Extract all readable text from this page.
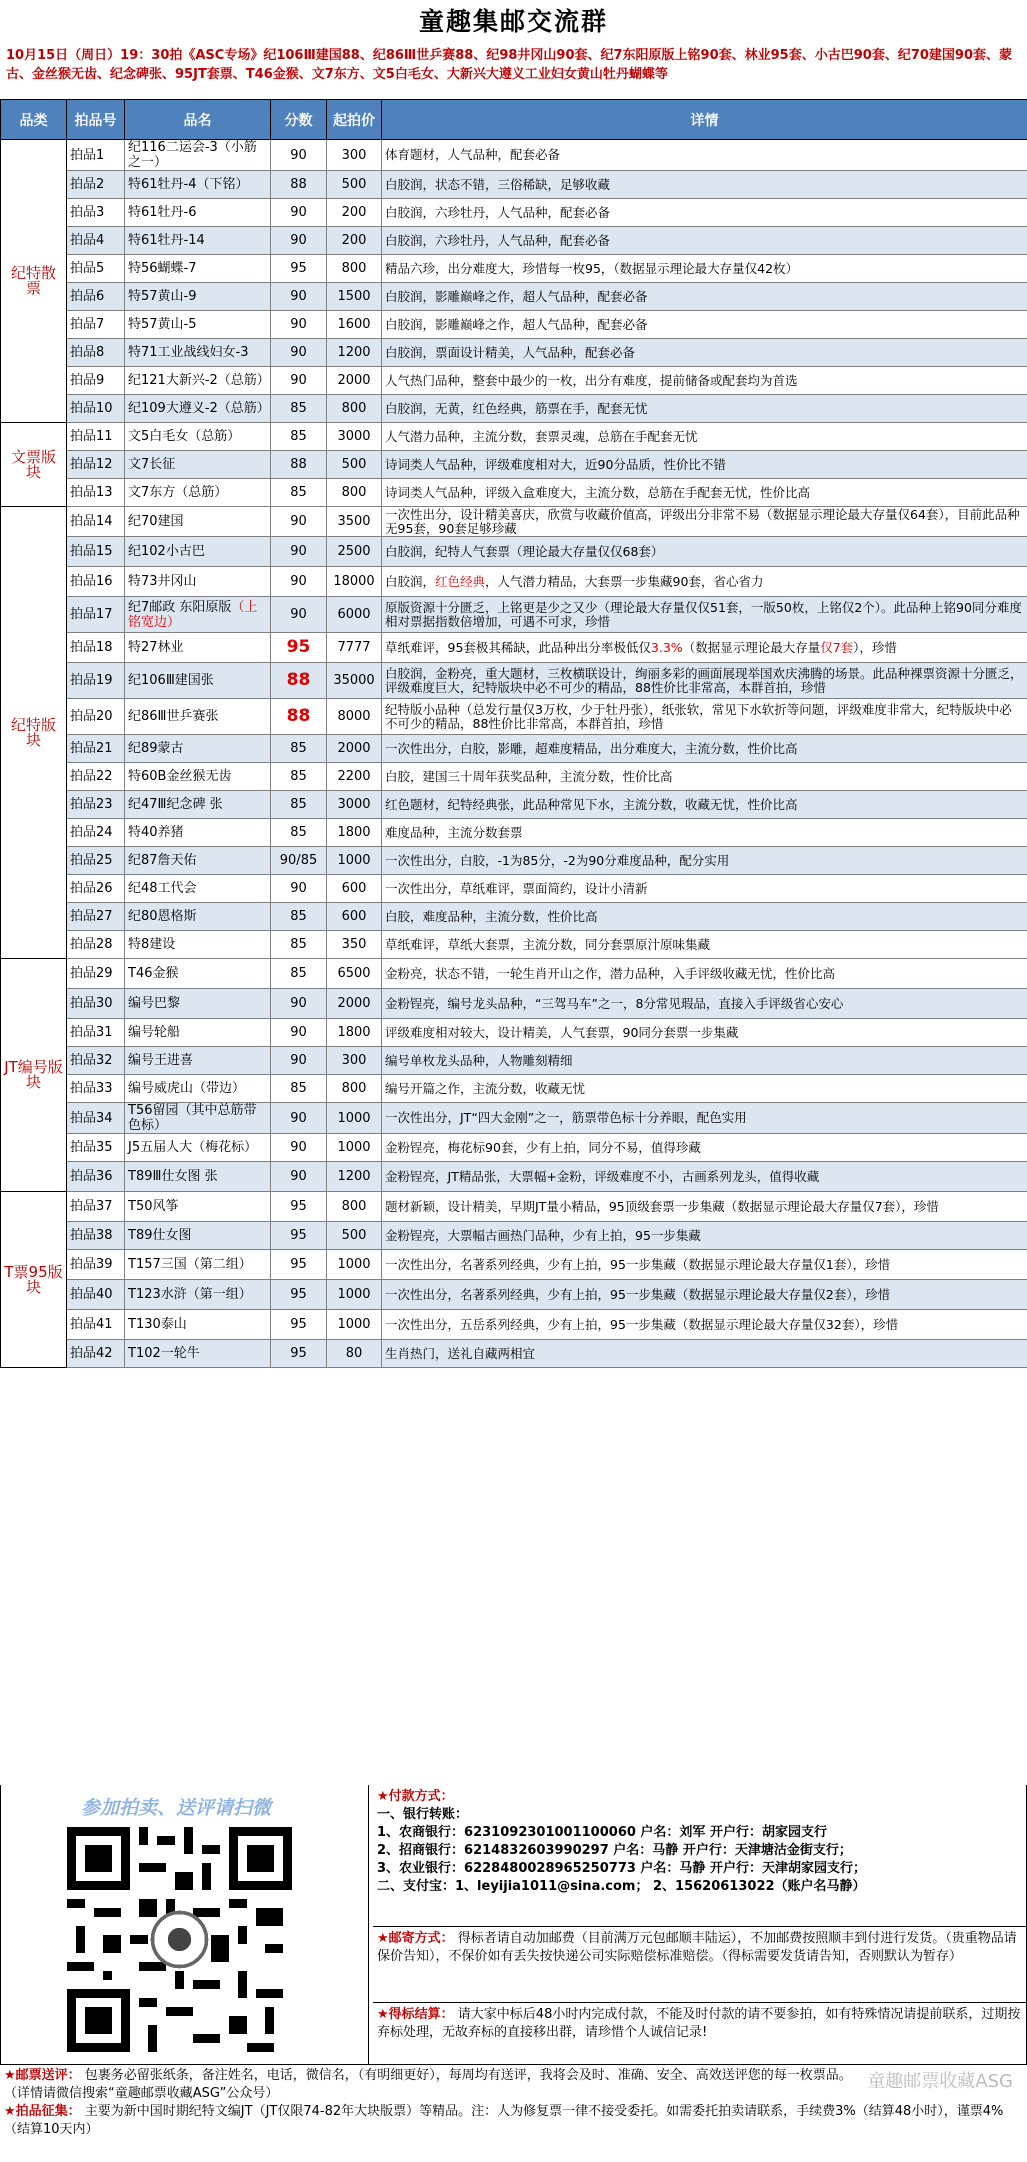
童趣集邮交流群
10月15日（周日）19：30拍《ASC专场》纪106Ⅲ建国88、纪86Ⅲ世乒赛88、纪98井冈山90套、纪7东阳原版上铭90套、林业95套、小古巴90套、纪70建国90套、蒙古、金丝猴无齿、纪念碑张、95JT套票、T46金猴、文7东方、文5白毛女、大新兴大遵义工业妇女黄山牡丹蝴蝶等
品类	拍品号	品名	分数	起拍价	详情
纪特散票	拍品1	纪116二运会-3（小筋之一）	90	300	体育题材，人气品种，配套必备
	拍品2	特61牡丹-4（下铭）	88	500	白胶润，状态不错，三俗稀缺，足够收藏
	拍品3	特61牡丹-6	90	200	白胶润，六珍牡丹，人气品种，配套必备
	拍品4	特61牡丹-14	90	200	白胶润，六珍牡丹，人气品种，配套必备
	拍品5	特56蝴蝶-7	95	800	精品六珍，出分难度大，珍惜每一枚95，（数据显示理论最大存量仅42枚）
	拍品6	特57黄山-9	90	1500	白胶润，影雕巅峰之作，超人气品种，配套必备
	拍品7	特57黄山-5	90	1600	白胶润，影雕巅峰之作，超人气品种，配套必备
	拍品8	特71工业战线妇女-3	90	1200	白胶润，票面设计精美，人气品种，配套必备
	拍品9	纪121大新兴-2（总筋）	90	2000	人气热门品种，整套中最少的一枚，出分有难度，提前储备或配套均为首选
	拍品10	纪109大遵义-2（总筋）	85	800	白胶润，无黄，红色经典，筋票在手，配套无忧
文票版块	拍品11	文5白毛女（总筋）	85	3000	人气潜力品种，主流分数，套票灵魂，总筋在手配套无忧
	拍品12	文7长征	88	500	诗词类人气品种，评级难度相对大，近90分品质，性价比不错
	拍品13	文7东方（总筋）	85	800	诗词类人气品种，评级入盒难度大，主流分数，总筋在手配套无忧，性价比高
纪特版块	拍品14	纪70建国	90	3500	一次性出分，设计精美喜庆，欣赏与收藏价值高，评级出分非常不易（数据显示理论最大存量仅64套），目前此品种无95套，90套足够珍藏
	拍品15	纪102小古巴	90	2500	白胶润，纪特人气套票（理论最大存量仅仅68套）
	拍品16	特73井冈山	90	18000	白胶润，红色经典，人气潜力精品，大套票一步集藏90套，省心省力
	拍品17	纪7邮政 东阳原版（上铭宽边）	90	6000	原版资源十分匮乏，上铭更是少之又少（理论最大存量仅仅51套，一版50枚，上铭仅2个）。此品种上铭90同分难度相对票据指数倍增加，可遇不可求，珍惜
	拍品18	特27林业	95	7777	草纸难评，95套极其稀缺，此品种出分率极低仅3.3%（数据显示理论最大存量仅7套），珍惜
	拍品19	纪106Ⅲ建国张	88	35000	白胶润，金粉亮，重大题材，三枚横联设计，绚丽多彩的画面展现举国欢庆沸腾的场景。此品种裸票资源十分匮乏，评级难度巨大，纪特版块中必不可少的精品，88性价比非常高，本群首拍，珍惜
	拍品20	纪86Ⅲ世乒赛张	88	8000	纪特版小品种（总发行量仅3万枚，少于牡丹张），纸张软，常见下水软折等问题，评级难度非常大，纪特版块中必不可少的精品，88性价比非常高，本群首拍，珍惜
	拍品21	纪89蒙古	85	2000	一次性出分，白胶，影雕，超难度精品，出分难度大，主流分数，性价比高
	拍品22	特60B金丝猴无齿	85	2200	白胶，建国三十周年获奖品种，主流分数，性价比高
	拍品23	纪47Ⅲ纪念碑 张	85	3000	红色题材，纪特经典张，此品种常见下水，主流分数，收藏无忧，性价比高
	拍品24	特40养猪	85	1800	难度品种，主流分数套票
	拍品25	纪87詹天佑	90/85	1000	一次性出分，白胶，-1为85分，-2为90分难度品种，配分实用
	拍品26	纪48工代会	90	600	一次性出分，草纸难评，票面简约，设计小清新
	拍品27	纪80恩格斯	85	600	白胶，难度品种，主流分数，性价比高
	拍品28	特8建设	85	350	草纸难评，草纸大套票，主流分数，同分套票原汁原味集藏
JT编号版块	拍品29	T46金猴	85	6500	金粉亮，状态不错，一轮生肖开山之作，潜力品种，入手评级收藏无忧，性价比高
	拍品30	编号巴黎	90	2000	金粉锃亮，编号龙头品种，“三驾马车”之一，8分常见瑕品，直接入手评级省心安心
	拍品31	编号轮船	90	1800	评级难度相对较大，设计精美，人气套票，90同分套票一步集藏
	拍品32	编号王进喜	90	300	编号单枚龙头品种，人物雕刻精细
	拍品33	编号威虎山（带边）	85	800	编号开篇之作，主流分数，收藏无忧
	拍品34	T56留园（其中总筋带色标）	90	1000	一次性出分，JT“四大金刚”之一，筋票带色标十分养眼，配色实用
	拍品35	J5五届人大（梅花标）	90	1000	金粉锃亮，梅花标90套，少有上拍，同分不易，值得珍藏
	拍品36	T89Ⅲ仕女图 张	90	1200	金粉锃亮，JT精品张，大票幅+金粉，评级难度不小，古画系列龙头，值得收藏
T票95版块	拍品37	T50风筝	95	800	题材新颖，设计精美，早期JT量小精品，95顶级套票一步集藏（数据显示理论最大存量仅7套），珍惜
	拍品38	T89仕女图	95	500	金粉锃亮，大票幅古画热门品种，少有上拍，95一步集藏
	拍品39	T157三国（第二组）	95	1000	一次性出分，名著系列经典，少有上拍，95一步集藏（数据显示理论最大存量仅1套），珍惜
	拍品40	T123水浒（第一组）	95	1000	一次性出分，名著系列经典，少有上拍，95一步集藏（数据显示理论最大存量仅2套），珍惜
	拍品41	T130泰山	95	1000	一次性出分，五岳系列经典，少有上拍，95一步集藏（数据显示理论最大存量仅32套），珍惜
	拍品42	T102一轮牛	95	80	生肖热门，送礼自藏两相宜
参加拍卖、送评请扫微
★付款方式：
一、银行转账：
1、农商银行：6231092301001100060 户名：刘军 开户行：胡家园支行
2、招商银行：6214832603990297 户名：马静 开户行：天津塘沽金街支行；
3、农业银行：6228480028965250773 户名：马静 开户行：天津胡家园支行；
二、支付宝：1、leyijia1011@sina.com； 2、15620613022（账户名马静）
★邮寄方式： 得标者请自动加邮费（目前满万元包邮顺丰陆运），不加邮费按照顺丰到付进行发货。（贵重物品请保价告知），不保价如有丢失按快递公司实际赔偿标准赔偿。（得标需要发货请告知，否则默认为暂存）
★得标结算： 请大家中标后48小时内完成付款，不能及时付款的请不要参拍，如有特殊情况请提前联系，过期按弃标处理，无故弃标的直接移出群，请珍惜个人诚信记录!
★邮票送评： 包裹务必留张纸条，备注姓名，电话，微信名，（有明细更好），每周均有送评，我将会及时、准确、安全、高效送评您的每一枚票品。
（详情请微信搜索“童趣邮票收藏ASG”公众号）
★拍品征集： 主要为新中国时期纪特文编JT（JT仅限74-82年大块版票）等精品。注：人为修复票一律不接受委托。如需委托拍卖请联系，手续费3%（结算48小时），谨票4%（结算10天内）
童趣邮票收藏ASG
